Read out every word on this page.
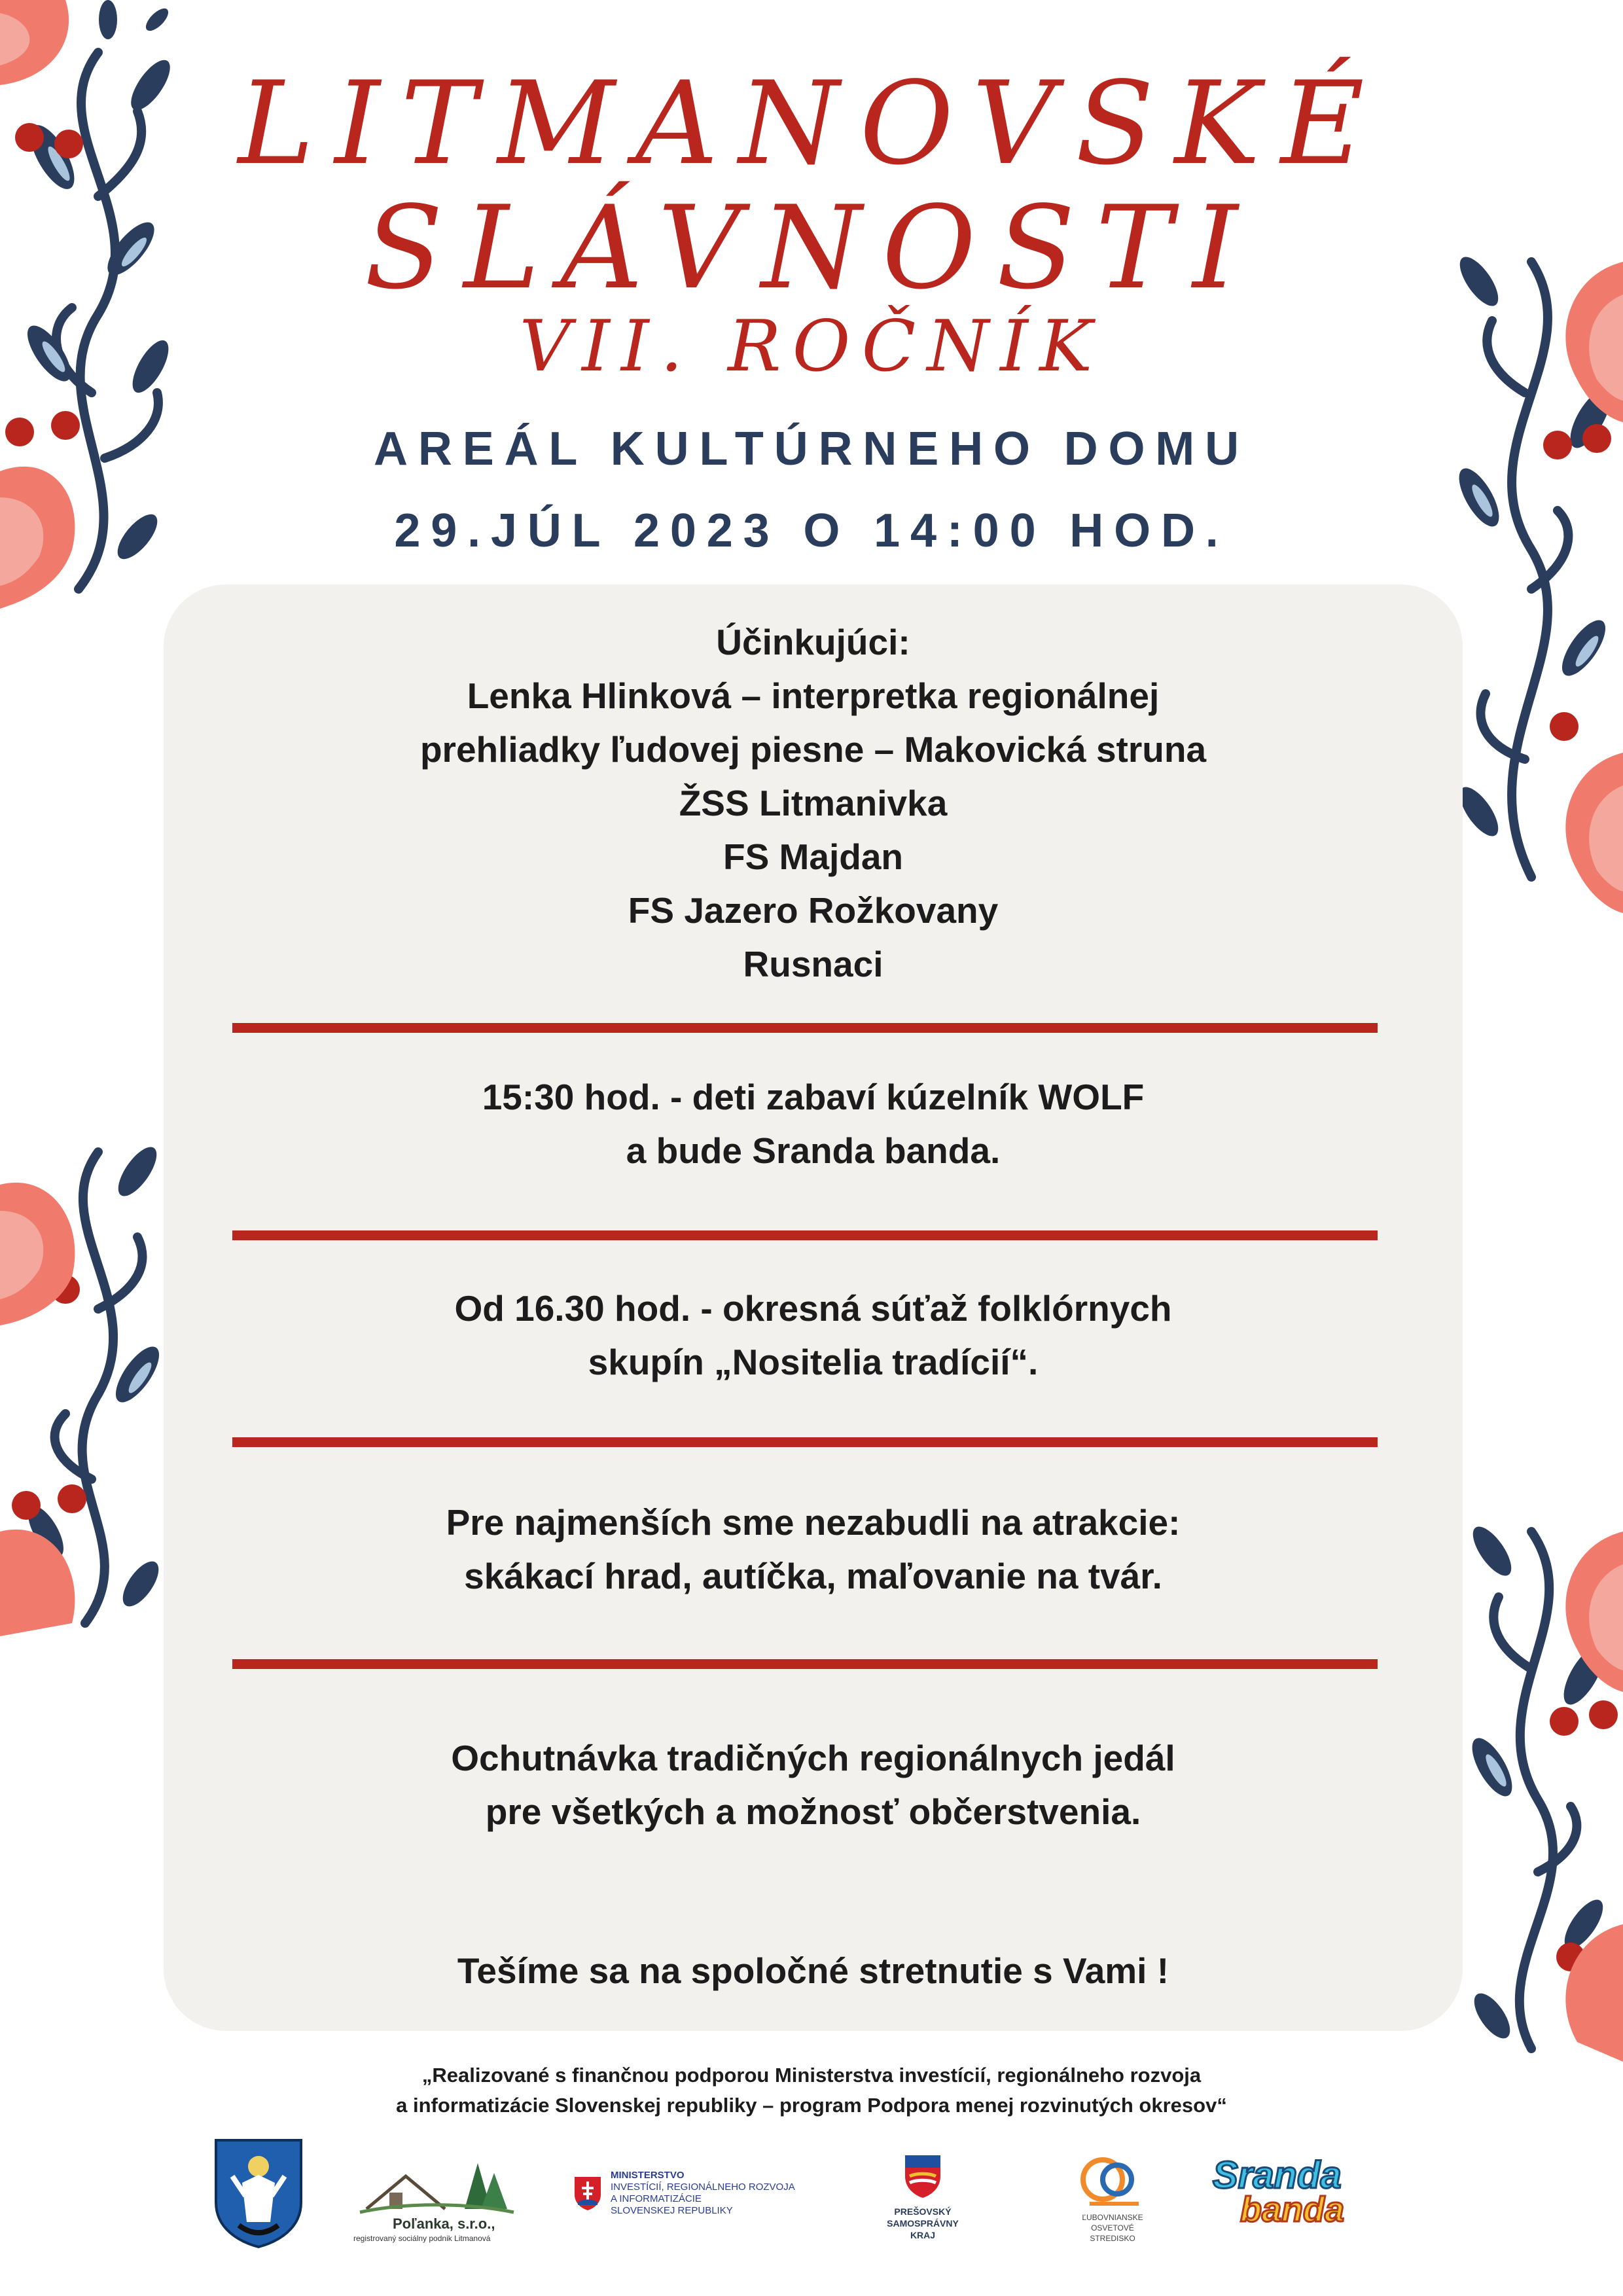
LITMANOVSKÉ
SLÁVNOSTI
VII. ROČNÍK

AREÁL KULTÚRNEHO DOMU

29.JÚL 2023 O 14:00 HOD.

Účinkujúci:
Lenka Hlinková – interpretka regionálnej
prehliadky ľudovej piesne – Makovická struna
ŽSS Litmanivka
FS Majdan
FS Jazero Rožkovany
Rusnaci
15:30 hod. - deti zabaví kúzelník WOLF
a bude Sranda banda.
Od 16.30 hod. - okresná súťaž folklórnych
skupín „Nositelia tradícií“.
Pre najmenších sme nezabudli na atrakcie:
skákací hrad, autíčka, maľovanie na tvár.
Ochutnávka tradičných regionálnych jedál
pre všetkých a možnosť občerstvenia.
Tešíme sa na spoločné stretnutie s Vami !
„Realizované s finančnou podporou Ministerstva investícií, regionálneho rozvoja
a informatizácie Slovenskej republiky – program Podpora menej rozvinutých okresov“
Poľanka, s.r.o.,
registrovaný sociálny podnik Litmanová
MINISTERSTVO
INVESTÍCIÍ, REGIONÁLNEHO ROZVOJA
A INFORMATIZÁCIE
SLOVENSKEJ REPUBLIKY	PREŠOVSKÝ
SAMOSPRÁVNY
KRAJ
ĽUBOVNIANSKE
OSVETOVÉ
STREDISKO
Sranda
banda
